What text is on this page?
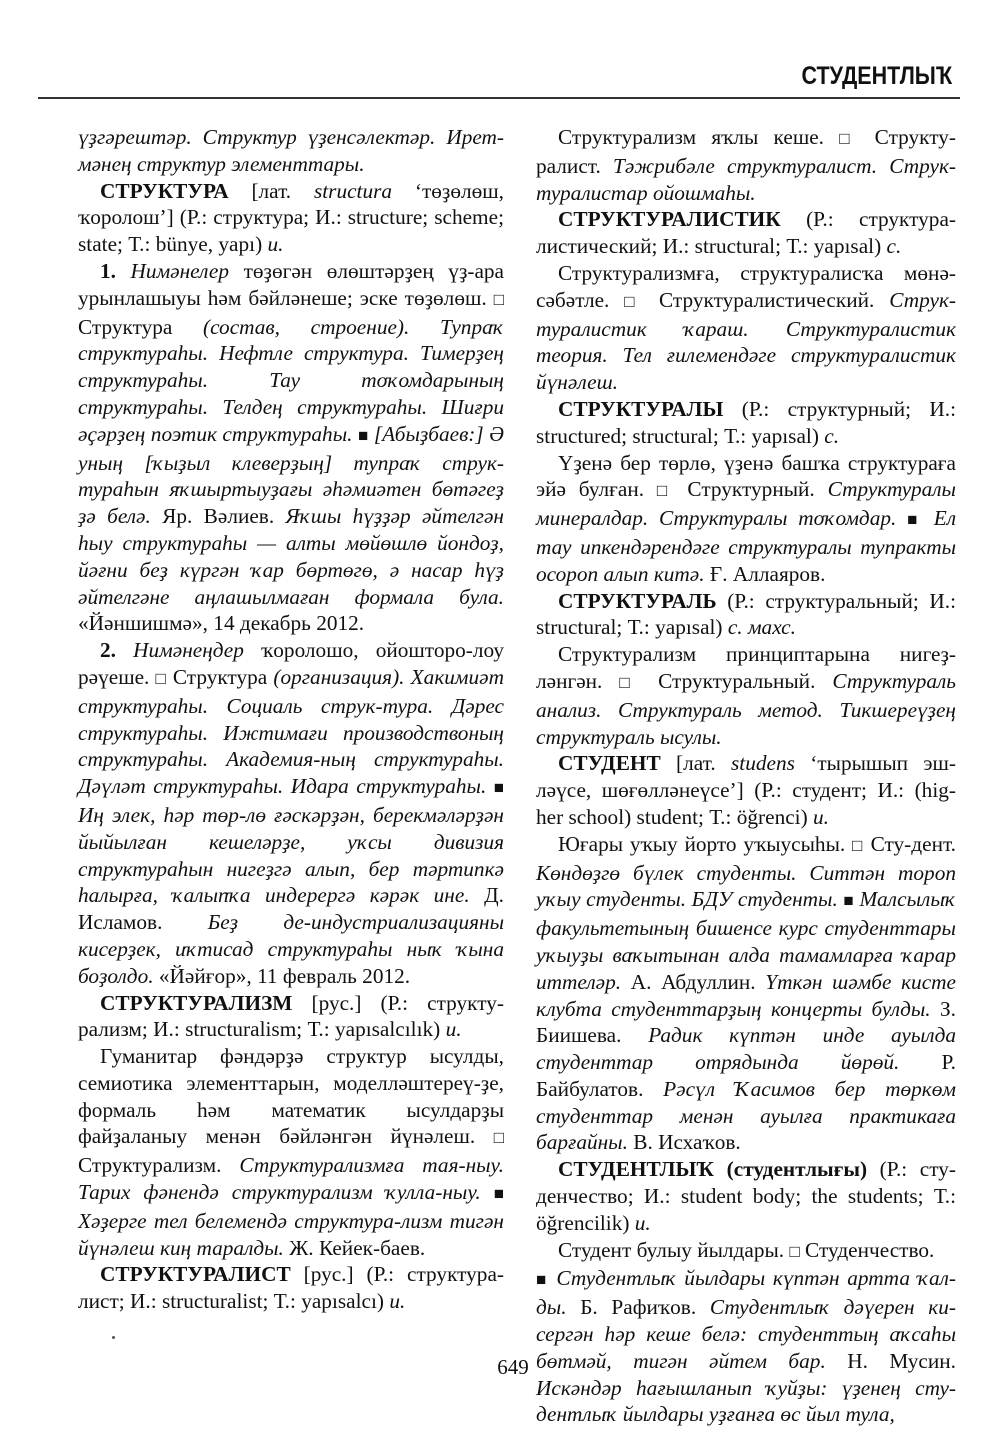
СТУДЕНТЛЫҠ

үҙгәрештәр. Структур үҙенсәлектәр. Ирет-мәнең структур элементтары.

СТРУКТУРА [лат. structura ‘төҙөлөш, ҡоролош’] (Р.: структура; И.: structure; scheme; state; Т.: bünye, yapı) и.

1. Нимәнелер төҙөгән өлөштәрҙең үҙ-ара урынлашыуы һәм бәйләнеше; эске төҙөлөш. □ Структура (состав, строение). Тупраҡ структураһы. Нефтле структура. Тимерҙең структураһы. Тау тоҡомдарының структураһы. Телдең структураһы. Шиғри әҫәрҙең поэтик структураһы. ■ [Абыҙбаев:] Ә уның [ҡыҙыл клеверҙың] тупраҡ струк-тураһын яҡшыртыуҙағы әһәмиәтен бөтәгеҙ ҙә белә. Яр. Вәлиев. Яҡшы һүҙҙәр әйтелгән һыу структураһы — алты мөйөшлө йондоҙ, йәғни беҙ күргән ҡар бөртөгө, ә насар һүҙ әйтелгәне аңлашылмаған формала була. «Йәншишмә», 14 декабрь 2012.

2. Нимәнеңдер ҡоролошо, ойошторо-лоу рәүеше. □ Структура (организация). Хакимиәт структураһы. Социаль струк-тура. Дәрес структураһы. Ижтимағи производствоның структураһы. Академия-ның структураһы. Дәүләт структураһы. Идара структураһы. ■ Иң элек, һәр төр-лө ғәскәрҙән, берекмәләрҙән йыйылған кешеләрҙе, уҡсы дивизия структураһын нигеҙгә алып, бер тәртипкә һалырға, ҡалыпҡа индерергә кәрәк ине. Д. Исламов. Беҙ де-индустриализацияны кисерҙек, иҡтисад структураһы ныҡ ҡына боҙолдо. «Йәйғор», 11 февраль 2012.

СТРУКТУРАЛИЗМ [рус.] (Р.: структу-рализм; И.: structuralism; Т.: yapısalcılık) и.

Гуманитар фәндәрҙә структур ысулды, семиотика элементтарын, моделләштереү-ҙе, формаль һәм математик ысулдарҙы файҙаланыу менән бәйләнгән йүнәлеш. □ Структурализм. Структурализмға тая-ныу. Тарих фәнендә структурализм ҡулла-ныу. ■ Хәҙерге тел белемендә структура-лизм тигән йүнәлеш киң таралды. Ж. Кейек-баев.

СТРУКТУРАЛИСТ [рус.] (Р.: структура-лист; И.: structuralist; Т.: yapısalcı) и.

Структурализм яҡлы кеше. □ Структу-ралист. Тәжрибәле структуралист. Струк-туралистар ойошмаһы.

СТРУКТУРАЛИСТИК (Р.: структура-листический; И.: structural; Т.: yapısal) с.

Структурализмға, структуралисҡа мөнә-сәбәтле. □ Структуралистический. Струк-туралистик ҡараш. Структуралистик теория. Тел ғилемендәге структуралистик йүнәлеш.

СТРУКТУРАЛЫ (Р.: структурный; И.: structured; structural; Т.: yapısal) с.

Үҙенә бер төрлө, үҙенә башҡа структураға эйә булған. □ Структурный. Структуралы минералдар. Структуралы тоҡомдар. ■ Ел тау ипкендәрендәге структуралы тупракты осороп алып китә. Ғ. Аллаяров.

СТРУКТУРАЛЬ (Р.: структуральный; И.: structural; Т.: yapısal) с. махс.

Структурализм принциптарына нигеҙ-ләнгән. □ Структуральный. Структураль анализ. Структураль метод. Тикшереүҙең структураль ысулы.

СТУДЕНТ [лат. studens ‘тырышып эш-ләүсе, шөғөлләнеүсе’] (Р.: студент; И.: (hig-her school) student; Т.: öğrenci) и.

Юғары уҡыу йорто уҡыусыһы. □ Сту-дент. Көндөҙгө бүлек студенты. Ситтән тороп уҡыу студенты. БДУ студенты. ■ Малсылыҡ факультетының бишенсе курс студенттары уҡыуҙы ваҡытынан алда тамамларға ҡарар иттеләр. А. Абдуллин. Үткән шәмбе кисте клубта студенттарҙың концерты булды. З. Биишева. Радик күптән инде ауылда студенттар отрядында йөрөй. Р. Байбулатов. Рәсүл Ҡасимов бер төркөм студенттар менән ауылға практикаға барғайны. В. Исхаҡов.

СТУДЕНТЛЫҠ (студентлығы) (Р.: сту-денчество; И.: student body; the students; Т.: öğrencilik) и.

Студент булыу йылдары. □ Студенчество.
■ Студентлыҡ йылдары күптән артта ҡал-ды. Б. Рафиҡов. Студентлыҡ дәүерен ки-сергән һәр кеше белә: студенттың аҡсаһы бөтмәй, тигән әйтем бар. Н. Мусин. Искәндәр һағышланып ҡуйҙы: үҙенең сту-дентлыҡ йылдары уҙғанға өс йыл тула,

649
